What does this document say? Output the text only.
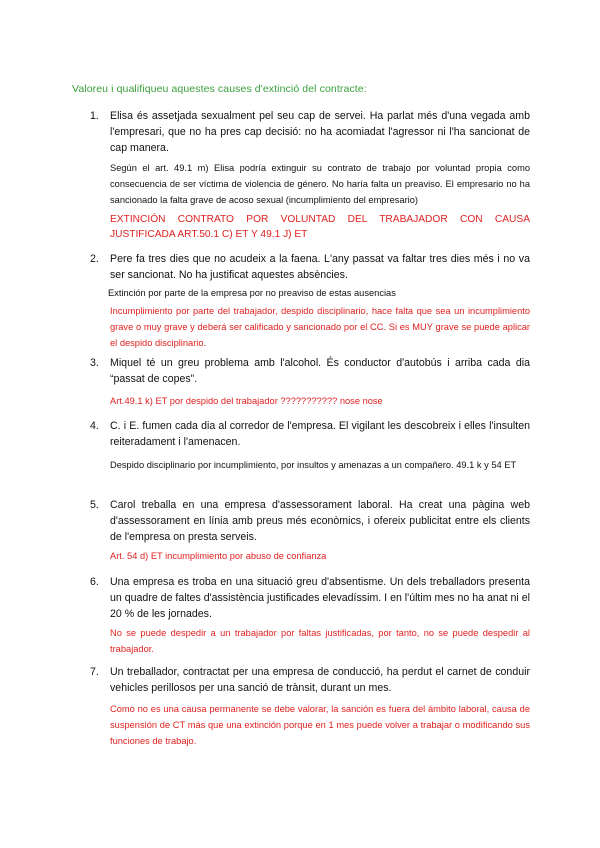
Valoreu i qualifiqueu aquestes causes d'extinció del contracte:
1.	Elisa és assetjada sexualment pel seu cap de servei. Ha parlat més d'una vegada amb l'empresari, que no ha pres cap decisió: no ha acomiadat l'agressor ni l'ha sancionat de cap manera.
Según el art. 49.1 m) Elisa podría extinguir su contrato de trabajo por voluntad propia como consecuencia de ser víctima de violencia de género. No haría falta un preaviso. El empresario no ha sancionado la falta grave de acoso sexual (incumplimiento del empresario)
EXTINCIÓN CONTRATO POR VOLUNTAD DEL TRABAJADOR CON CAUSA JUSTIFICADA ART.50.1 C) ET Y 49.1 J) ET
2.	Pere fa tres dies que no acudeix a la faena. L'any passat va faltar tres dies més i no va ser sancionat. No ha justificat aquestes absències.
Extinción por parte de la empresa por no preaviso de estas ausencias
Incumplimiento por parte del trabajador, despido disciplinario, hace falta que sea un incumplimiento grave o muy grave y deberá ser calificado y sancionado por el CC. Si es MUY grave se puede aplicar el despido disciplinario.
3.	Miquel té un greu problema amb l'alcohol. És conductor d'autobús i arriba cada dia “passat de copes”.
Art.49.1 k) ET por despido del trabajador ??????????? nose nose
4.	C. i E. fumen cada dia al corredor de l'empresa. El vigilant les descobreix i elles l'insulten reiteradament i l'amenacen.
Despido disciplinario por incumplimiento, por insultos y amenazas a un compañero. 49.1 k y 54 ET
5.	Carol treballa en una empresa d'assessorament laboral. Ha creat una pàgina web d'assessorament en línia amb preus més econòmics, i ofereix publicitat entre els clients de l'empresa on presta serveis.
Art. 54 d) ET incumplimiento por abuso de confianza
6.	Una empresa es troba en una situació greu d'absentisme. Un dels treballadors presenta un quadre de faltes d'assistència justificades elevadíssim. I en l'últim mes no ha anat ni el 20 % de les jornades.
No se puede despedir a un trabajador por faltas justificadas, por tanto, no se puede despedir al trabajador.
7.	Un treballador, contractat per una empresa de conducció, ha perdut el carnet de conduir vehicles perillosos per una sanció de trànsit, durant un mes.
Como no es una causa permanente se debe valorar, la sanción es fuera del ámbito laboral, causa de suspensión de CT más que una extinción porque en 1 mes puede volver a trabajar o modificando sus funciones de trabajo.
